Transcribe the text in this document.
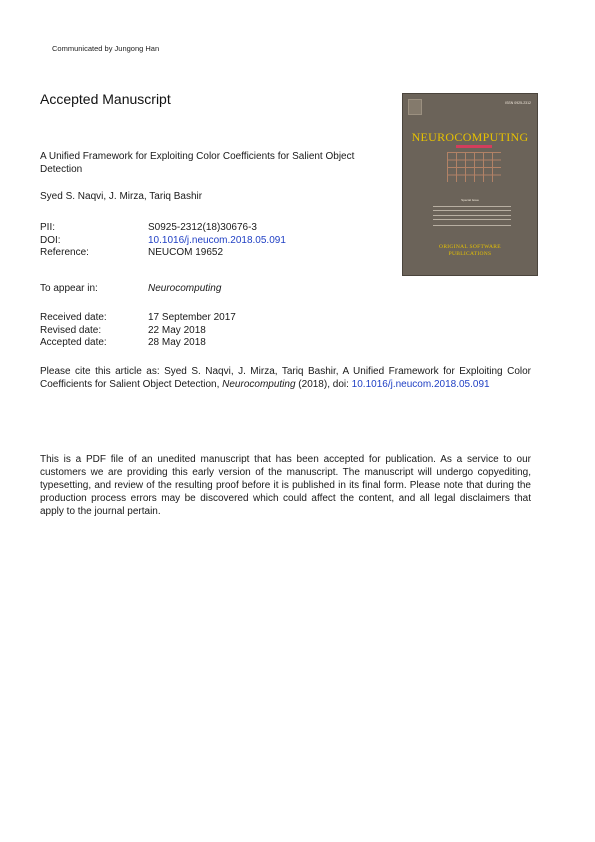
Communicated by Jungong Han
Accepted Manuscript
A Unified Framework for Exploiting Color Coefficients for Salient Object Detection
Syed S. Naqvi, J. Mirza, Tariq Bashir
PII:	S0925-2312(18)30676-3
DOI:	10.1016/j.neucom.2018.05.091
Reference:	NEUCOM 19652
To appear in:	Neurocomputing
Received date:	17 September 2017
Revised date:	22 May 2018
Accepted date:	28 May 2018
Please cite this article as: Syed S. Naqvi, J. Mirza, Tariq Bashir, A Unified Framework for Exploiting Color Coefficients for Salient Object Detection, Neurocomputing (2018), doi: 10.1016/j.neucom.2018.05.091
This is a PDF file of an unedited manuscript that has been accepted for publication. As a service to our customers we are providing this early version of the manuscript. The manuscript will undergo copyediting, typesetting, and review of the resulting proof before it is published in its final form. Please note that during the production process errors may be discovered which could affect the content, and all legal disclaimers that apply to the journal pertain.
ISSN 0925-2312
NEUROCOMPUTING
Special Issue
ORIGINAL SOFTWARE
PUBLICATIONS
